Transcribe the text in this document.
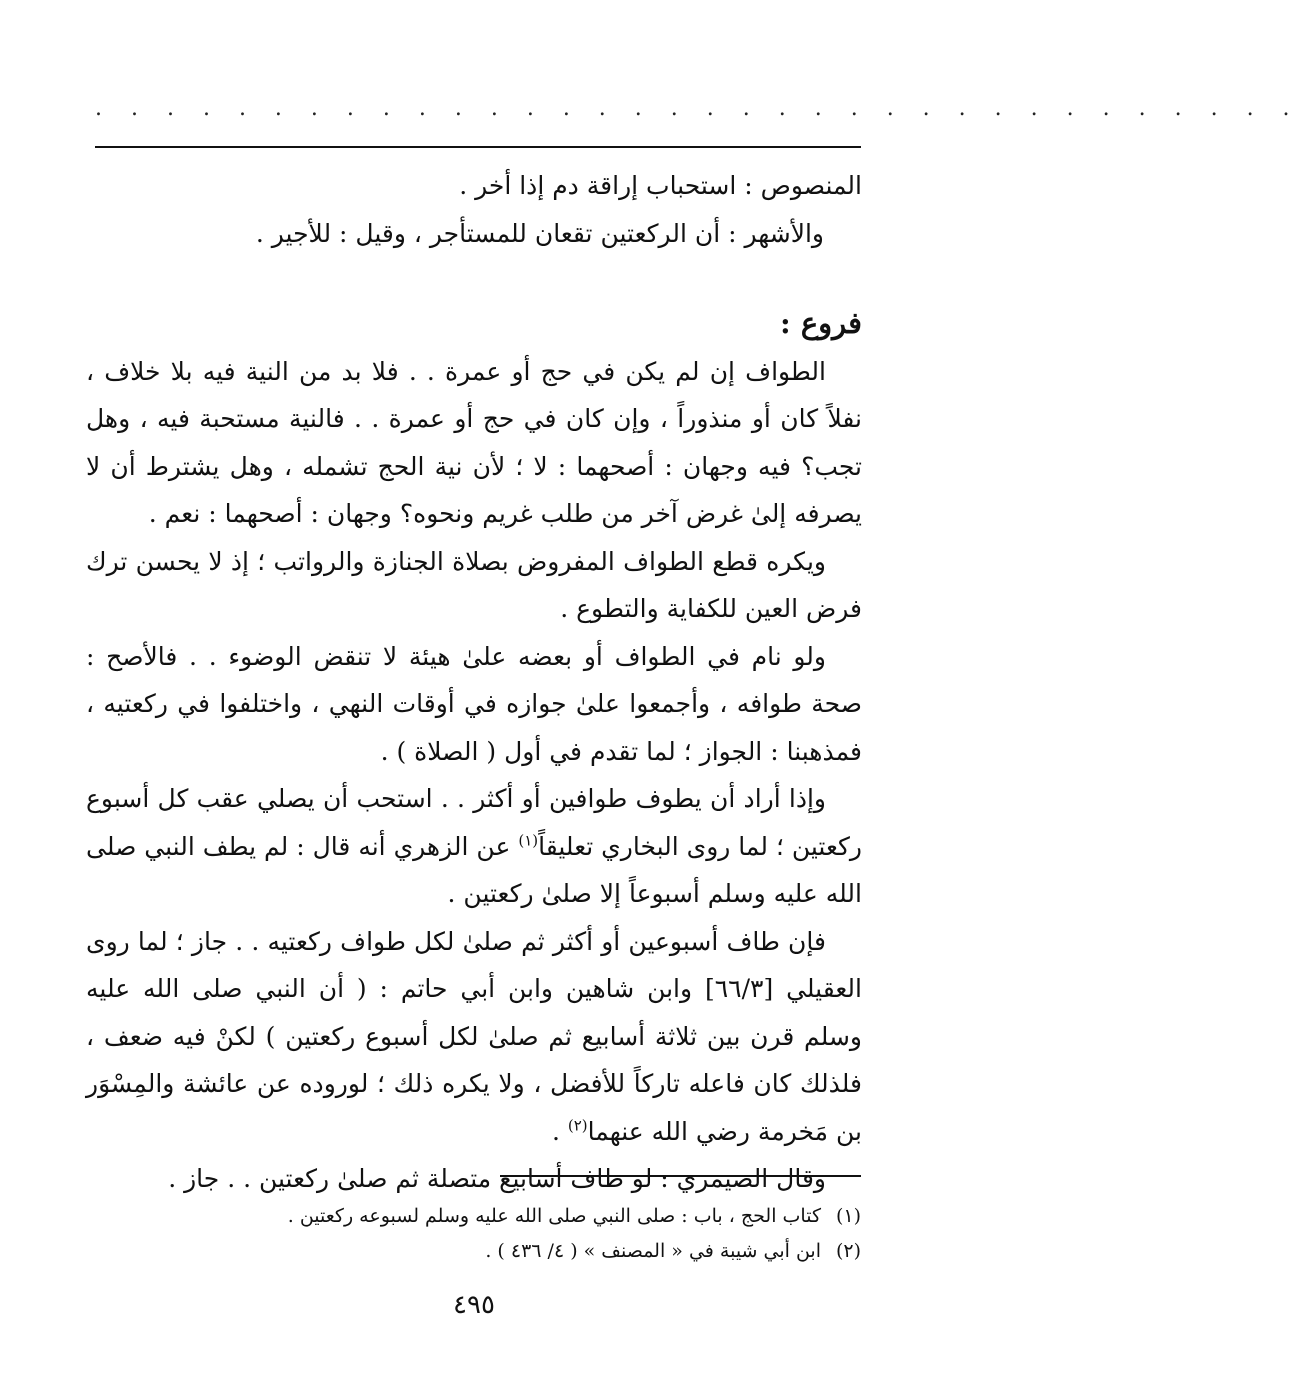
. . . . . . . . . . . . . . . . . . . . . . . . . . . . . . . . . .

المنصوص : استحباب إراقة دم إذا أخر .

والأشهر : أن الركعتين تقعان للمستأجر ، وقيل : للأجير .

فروع :

الطواف إن لم يكن في حج أو عمرة . . فلا بد من النية فيه بلا خلاف ، نفلاً كان أو منذوراً ، وإن كان في حج أو عمرة . . فالنية مستحبة فيه ، وهل تجب؟ فيه وجهان : أصحهما : لا ؛ لأن نية الحج تشمله ، وهل يشترط أن لا يصرفه إلىٰ غرض آخر من طلب غريم ونحوه؟ وجهان : أصحهما : نعم .

ويكره قطع الطواف المفروض بصلاة الجنازة والرواتب ؛ إذ لا يحسن ترك فرض العين للكفاية والتطوع .

ولو نام في الطواف أو بعضه علىٰ هيئة لا تنقض الوضوء . . فالأصح : صحة طوافه ، وأجمعوا علىٰ جوازه في أوقات النهي ، واختلفوا في ركعتيه ، فمذهبنا : الجواز ؛ لما تقدم في أول ( الصلاة ) .

وإذا أراد أن يطوف طوافين أو أكثر . . استحب أن يصلي عقب كل أسبوع ركعتين ؛ لما روى البخاري تعليقاً$^{(١)}$ عن الزهري أنه قال : لم يطف النبي صلى الله عليه وسلم أسبوعاً إلا صلىٰ ركعتين .

فإن طاف أسبوعين أو أكثر ثم صلىٰ لكل طواف ركعتيه . . جاز ؛ لما روى العقيلي [٦٦/٣] وابن شاهين وابن أبي حاتم : ( أن النبي صلى الله عليه وسلم قرن بين ثلاثة أسابيع ثم صلىٰ لكل أسبوع ركعتين ) لكنْ فيه ضعف ، فلذلك كان فاعله تاركاً للأفضل ، ولا يكره ذلك ؛ لوروده عن عائشة والمِسْوَر بن مَخرمة رضي الله عنهما$^{(٢)}$ .

وقال الصيمري : لو طاف أسابيع متصلة ثم صلىٰ ركعتين . . جاز .

(١)كتاب الحج ، باب : صلى النبي صلى الله عليه وسلم لسبوعه ركعتين .

(٢)ابن أبي شيبة في « المصنف » ( ٤/ ٤٣٦ ) .

٤٩٥
